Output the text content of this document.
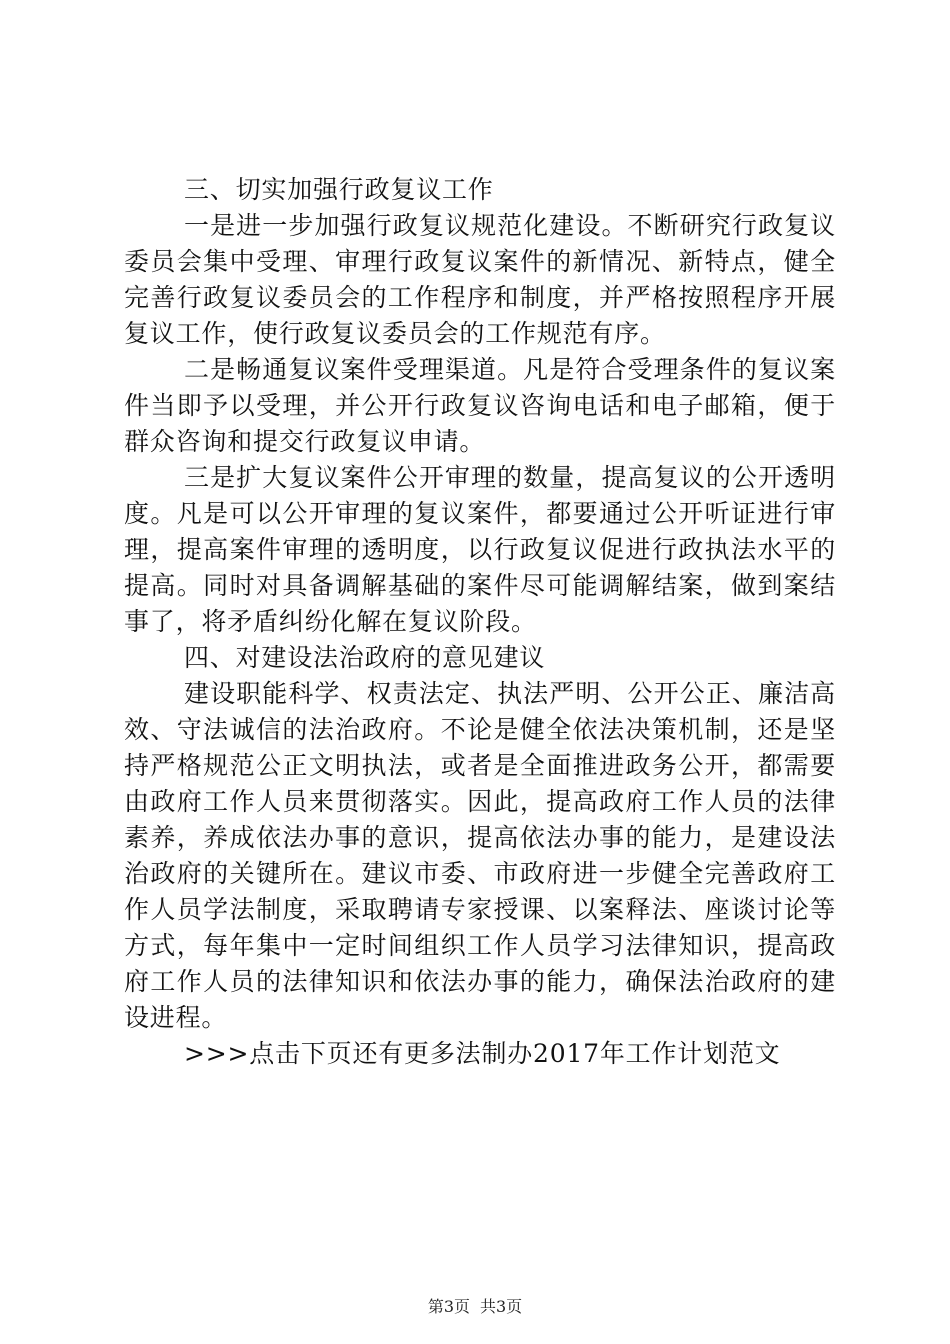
三、切实加强行政复议工作

一是进一步加强行政复议规范化建设。不断研究行政复议委员会集中受理、审理行政复议案件的新情况、新特点，健全完善行政复议委员会的工作程序和制度，并严格按照程序开展复议工作，使行政复议委员会的工作规范有序。

二是畅通复议案件受理渠道。凡是符合受理条件的复议案件当即予以受理，并公开行政复议咨询电话和电子邮箱，便于群众咨询和提交行政复议申请。

三是扩大复议案件公开审理的数量，提高复议的公开透明度。凡是可以公开审理的复议案件，都要通过公开听证进行审理，提高案件审理的透明度，以行政复议促进行政执法水平的提高。同时对具备调解基础的案件尽可能调解结案，做到案结事了，将矛盾纠纷化解在复议阶段。

四、对建设法治政府的意见建议

建设职能科学、权责法定、执法严明、公开公正、廉洁高效、守法诚信的法治政府。不论是健全依法决策机制，还是坚持严格规范公正文明执法，或者是全面推进政务公开，都需要由政府工作人员来贯彻落实。因此，提高政府工作人员的法律素养，养成依法办事的意识，提高依法办事的能力，是建设法治政府的关键所在。建议市委、市政府进一步健全完善政府工作人员学法制度，采取聘请专家授课、以案释法、座谈讨论等方式，每年集中一定时间组织工作人员学习法律知识，提高政府工作人员的法律知识和依法办事的能力，确保法治政府的建设进程。

>>>点击下页还有更多法制办2017年工作计划范文

第3页 共3页
